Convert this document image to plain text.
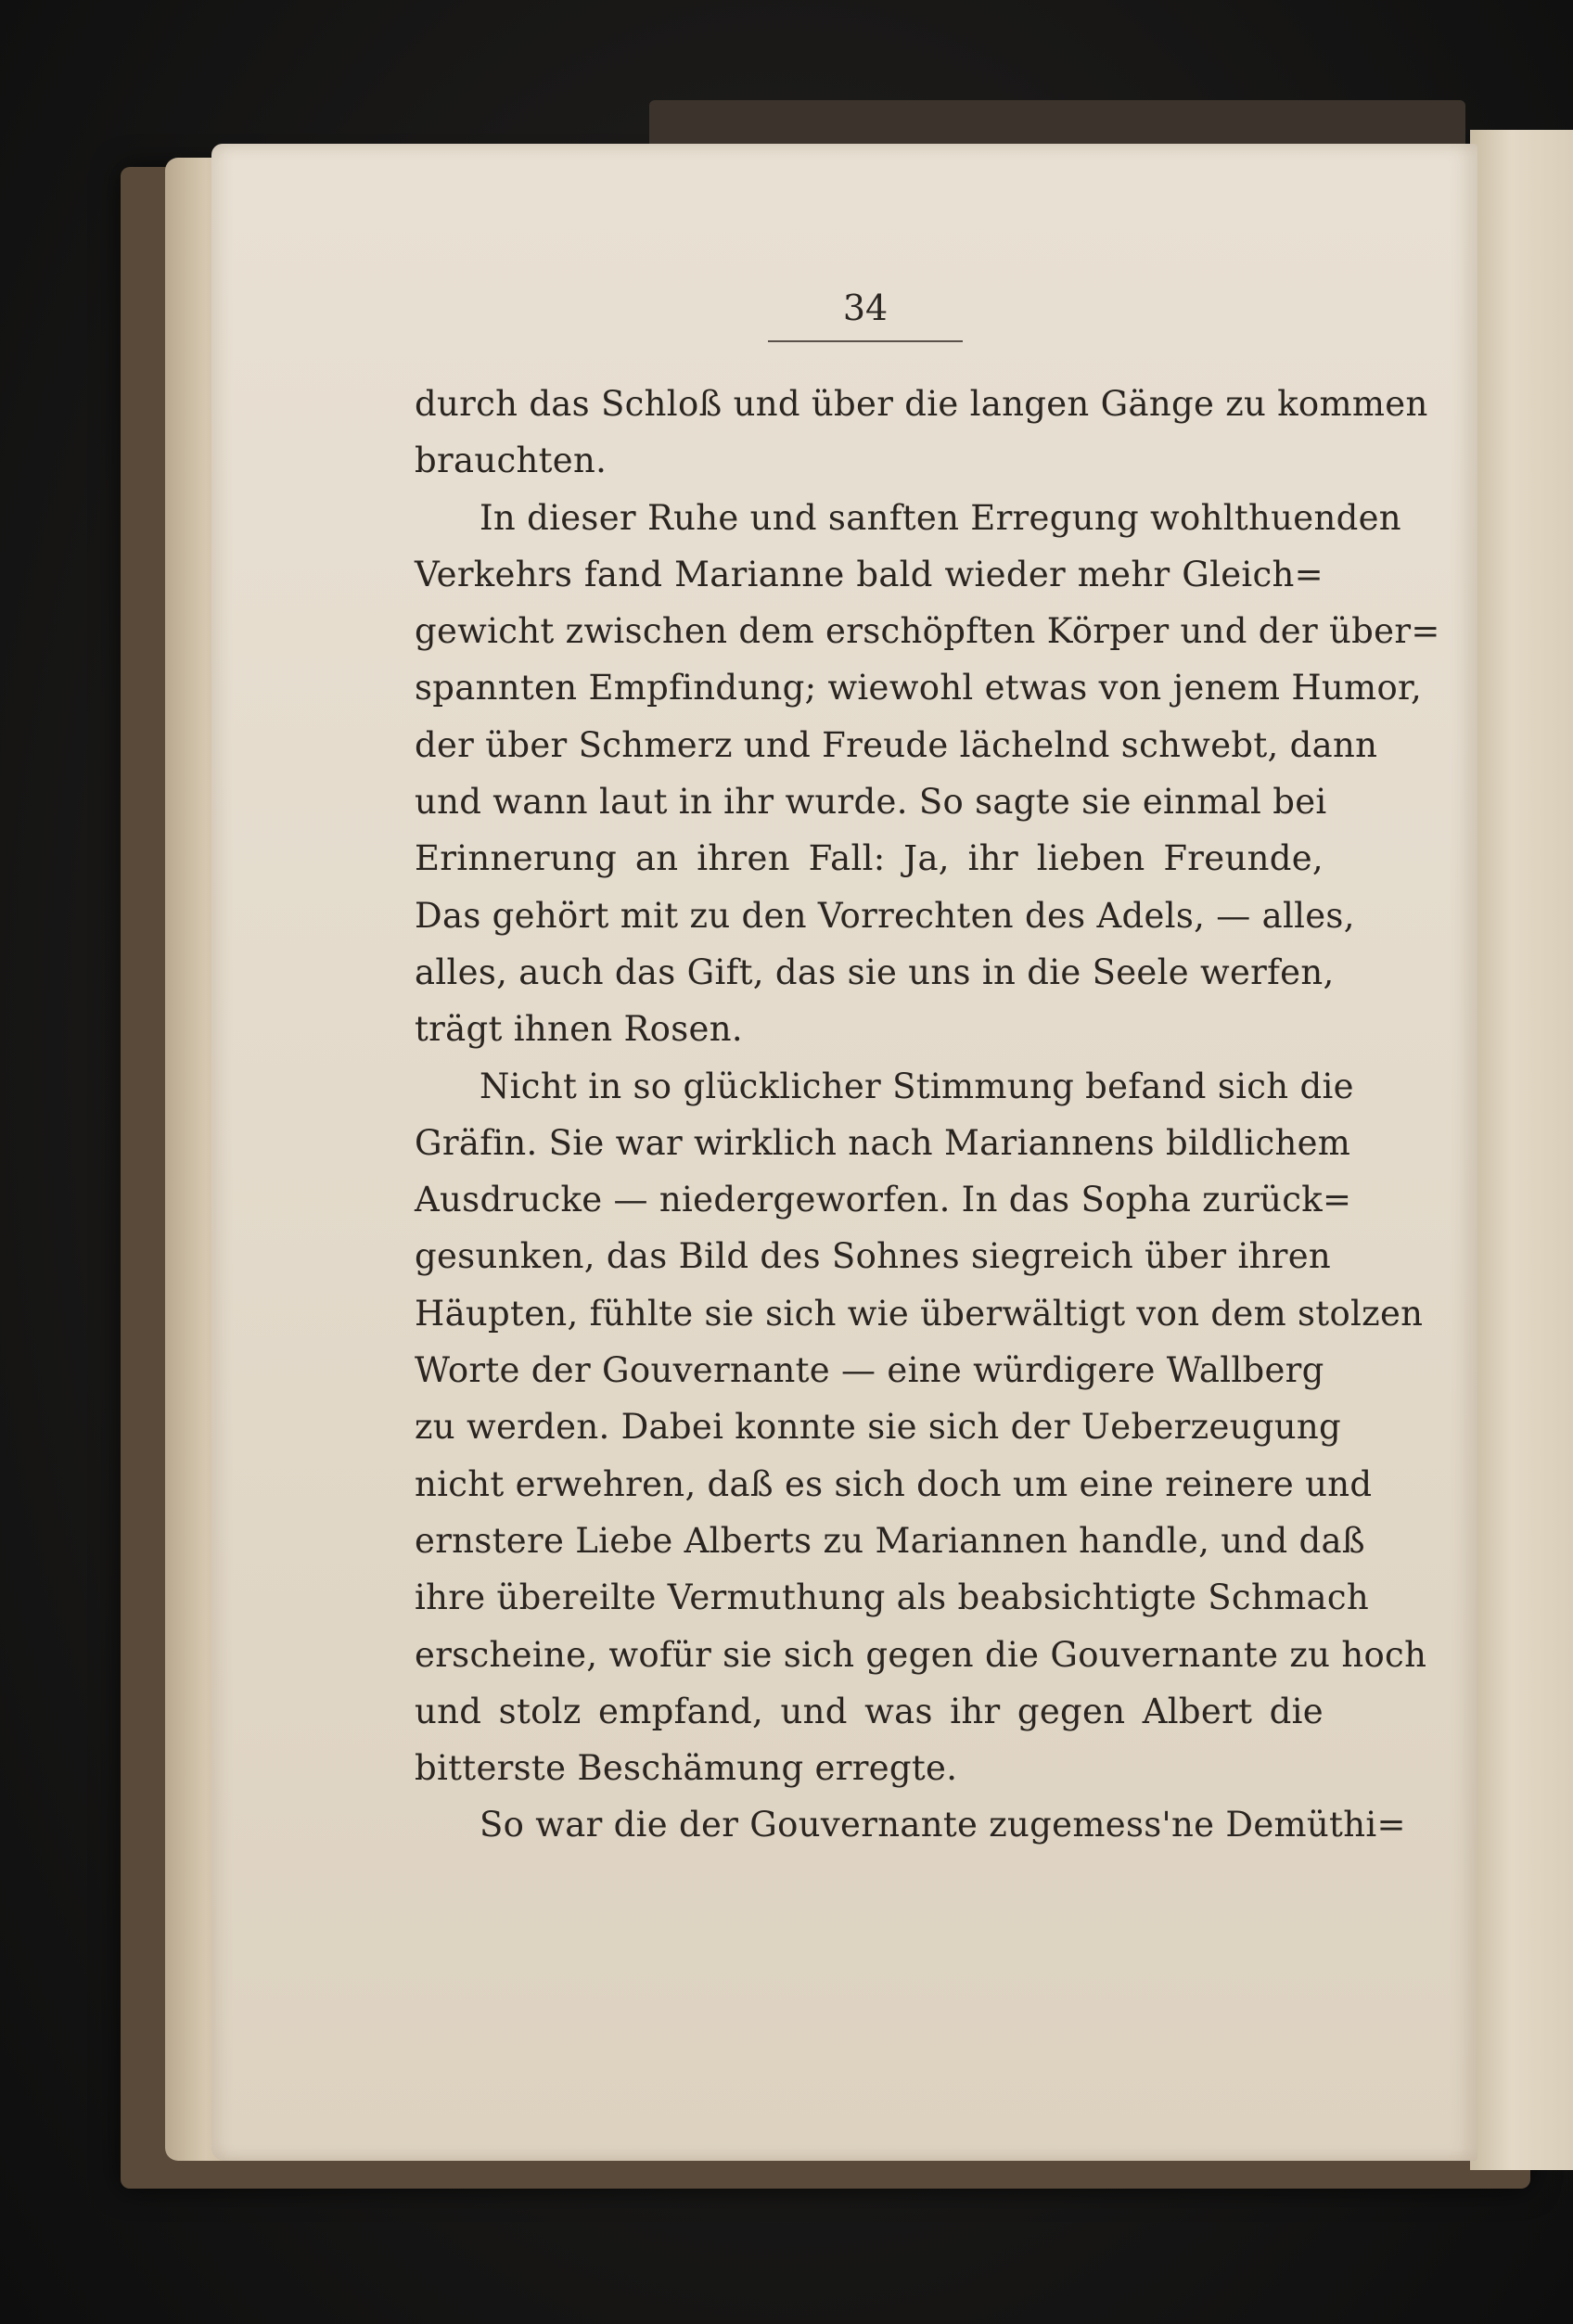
34
durch das Schloß und über die langen Gänge zu kommen
brauchten.
In dieser Ruhe und sanften Erregung wohlthuenden
Verkehrs fand Marianne bald wieder mehr Gleich=
gewicht zwischen dem erschöpften Körper und der über=
spannten Empfindung; wiewohl etwas von jenem Humor,
der über Schmerz und Freude lächelnd schwebt, dann
und wann laut in ihr wurde. So sagte sie einmal bei
Erinnerung an ihren Fall: Ja, ihr lieben Freunde,
Das gehört mit zu den Vorrechten des Adels, — alles,
alles, auch das Gift, das sie uns in die Seele werfen,
trägt ihnen Rosen.
Nicht in so glücklicher Stimmung befand sich die
Gräfin. Sie war wirklich nach Mariannens bildlichem
Ausdrucke — niedergeworfen. In das Sopha zurück=
gesunken, das Bild des Sohnes siegreich über ihren
Häupten, fühlte sie sich wie überwältigt von dem stolzen
Worte der Gouvernante — eine würdigere Wallberg
zu werden. Dabei konnte sie sich der Ueberzeugung
nicht erwehren, daß es sich doch um eine reinere und
ernstere Liebe Alberts zu Mariannen handle, und daß
ihre übereilte Vermuthung als beabsichtigte Schmach
erscheine, wofür sie sich gegen die Gouvernante zu hoch
und stolz empfand, und was ihr gegen Albert die
bitterste Beschämung erregte.
So war die der Gouvernante zugemess'ne Demüthi=
